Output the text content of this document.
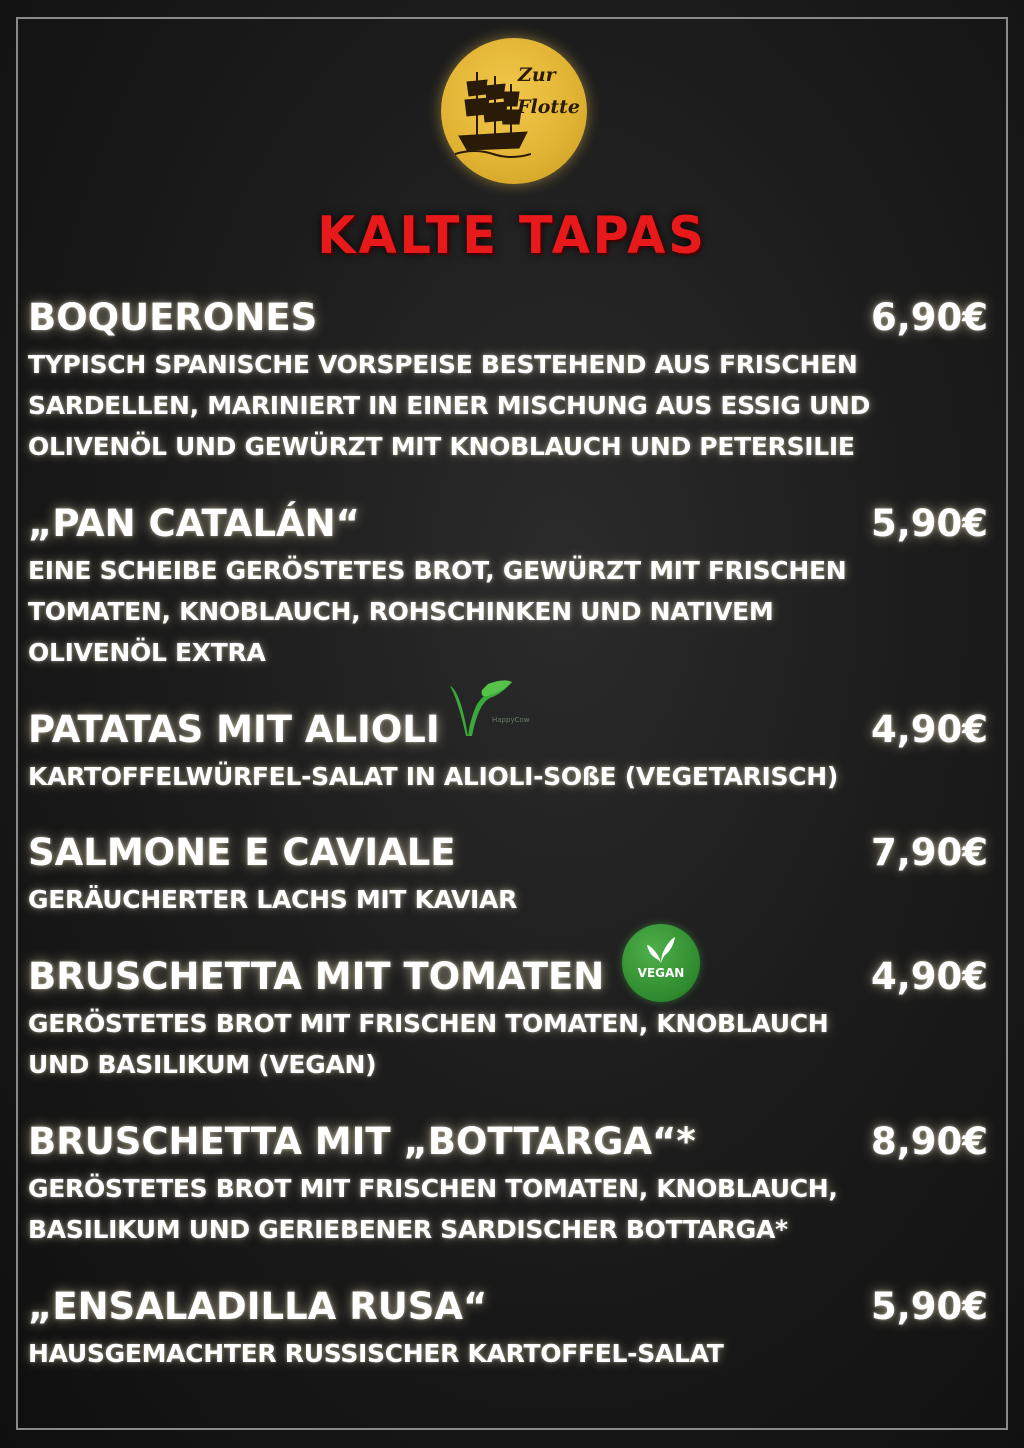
Zur
Flotte
KALTE TAPAS
BOQUERONES	6,90€
TYPISCH SPANISCHE VORSPEISE BESTEHEND AUS FRISCHEN
SARDELLEN, MARINIERT IN EINER MISCHUNG AUS ESSIG UND
OLIVENÖL UND GEWÜRZT MIT KNOBLAUCH UND PETERSILIE
„PAN CATALÁN“	5,90€
EINE SCHEIBE GERÖSTETES BROT, GEWÜRZT MIT FRISCHEN
TOMATEN, KNOBLAUCH, ROHSCHINKEN UND NATIVEM
OLIVENÖL EXTRA
PATATAS MIT ALIOLI	4,90€
KARTOFFELWÜRFEL-SALAT IN ALIOLI-SOßE (VEGETARISCH)
SALMONE E CAVIALE	7,90€
GERÄUCHERTER LACHS MIT KAVIAR
BRUSCHETTA MIT TOMATEN	4,90€
GERÖSTETES BROT MIT FRISCHEN TOMATEN, KNOBLAUCH
UND BASILIKUM (VEGAN)
BRUSCHETTA MIT „BOTTARGA“*	8,90€
GERÖSTETES BROT MIT FRISCHEN TOMATEN, KNOBLAUCH,
BASILIKUM UND GERIEBENER SARDISCHER BOTTARGA*
„ENSALADILLA RUSA“	5,90€
HAUSGEMACHTER RUSSISCHER KARTOFFEL-SALAT
HappyCow
VEGAN
